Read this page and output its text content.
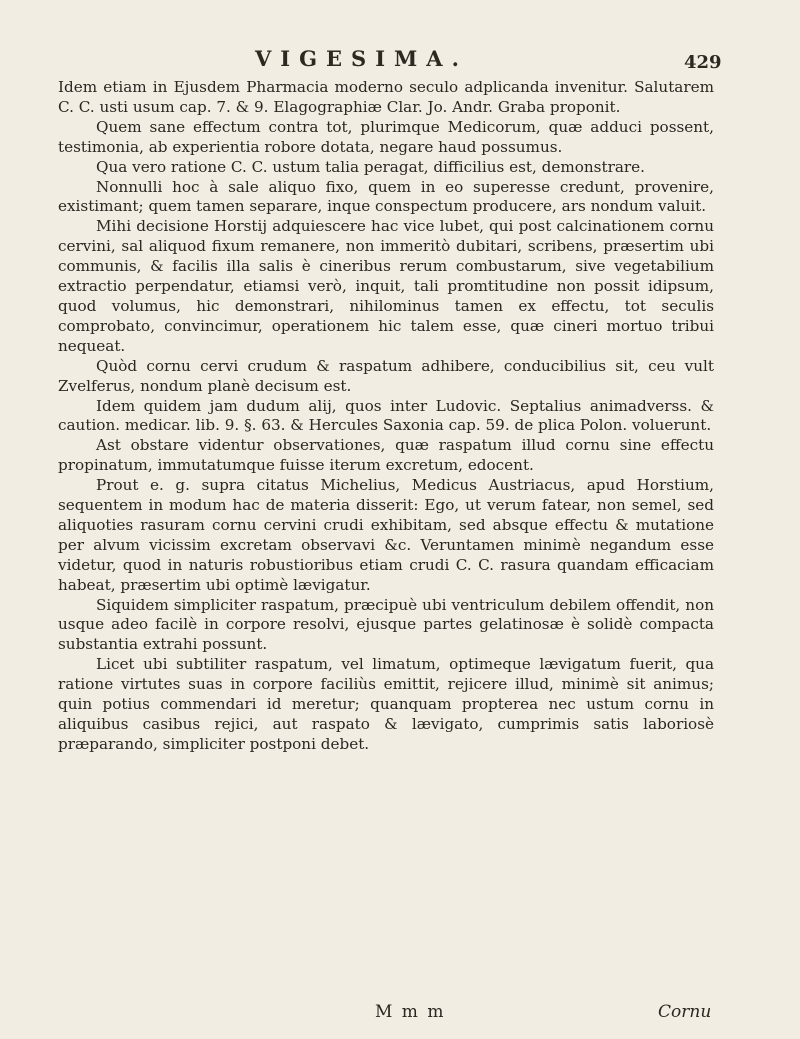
VIGESIMA.	429

Idem etiam in Ejusdem Pharmacia moderno seculo adplicanda invenitur. Salutarem C. C. usti usum cap. 7. & 9. Elagographiæ Clar. Jo. Andr. Graba proponit.

Quem sane effectum contra tot, plurimque Medicorum, quæ adduci possent, testimonia, ab experientia robore dotata, negare haud possumus.

Qua vero ratione C. C. ustum talia peragat, difficilius est, demonstrare.

Nonnulli hoc à sale aliquo fixo, quem in eo superesse credunt, provenire, existimant; quem tamen separare, inque conspectum producere, ars nondum valuit.

Mihi decisione Horstij adquiescere hac vice lubet, qui post calcinationem cornu cervini, sal aliquod fixum remanere, non immeritò dubitari, scribens, præsertim ubi communis, & facilis illa salis è cineribus rerum combustarum, sive vegetabilium extractio perpendatur, etiamsi verò, inquit, tali promtitudine non possit idipsum, quod volumus, hic demonstrari, nihilominus tamen ex effectu, tot seculis comprobato, convincimur, operationem hic talem esse, quæ cineri mortuo tribui nequeat.

Quòd cornu cervi crudum & raspatum adhibere, conducibilius sit, ceu vult Zvelferus, nondum planè decisum est.

Idem quidem jam dudum alij, quos inter Ludovic. Septalius animadverss. & caution. medicar. lib. 9. §. 63. & Hercules Saxonia cap. 59. de plica Polon. voluerunt.

Ast obstare videntur observationes, quæ raspatum illud cornu sine effectu propinatum, immutatumque fuisse iterum excretum, edocent.

Prout e. g. supra citatus Michelius, Medicus Austriacus, apud Horstium, sequentem in modum hac de materia disserit: Ego, ut verum fatear, non semel, sed aliquoties rasuram cornu cervini crudi exhibitam, sed absque effectu & mutatione per alvum vicissim excretam observavi &c. Veruntamen minimè negandum esse videtur, quod in naturis robustioribus etiam crudi C. C. rasura quandam efficaciam habeat, præsertim ubi optimè lævigatur.

Siquidem simpliciter raspatum, præcipuè ubi ventriculum debilem offendit, non usque adeo facilè in corpore resolvi, ejusque partes gelatinosæ è solidè compacta substantia extrahi possunt.

Licet ubi subtiliter raspatum, vel limatum, optimeque lævigatum fuerit, qua ratione virtutes suas in corpore faciliùs emittit, rejicere illud, minimè sit animus; quin potius commendari id meretur; quanquam propterea nec ustum cornu in aliquibus casibus rejici, aut raspato & lævigato, cumprimis satis laboriosè præparando, simpliciter postponi debet.

M m m	Cornu
